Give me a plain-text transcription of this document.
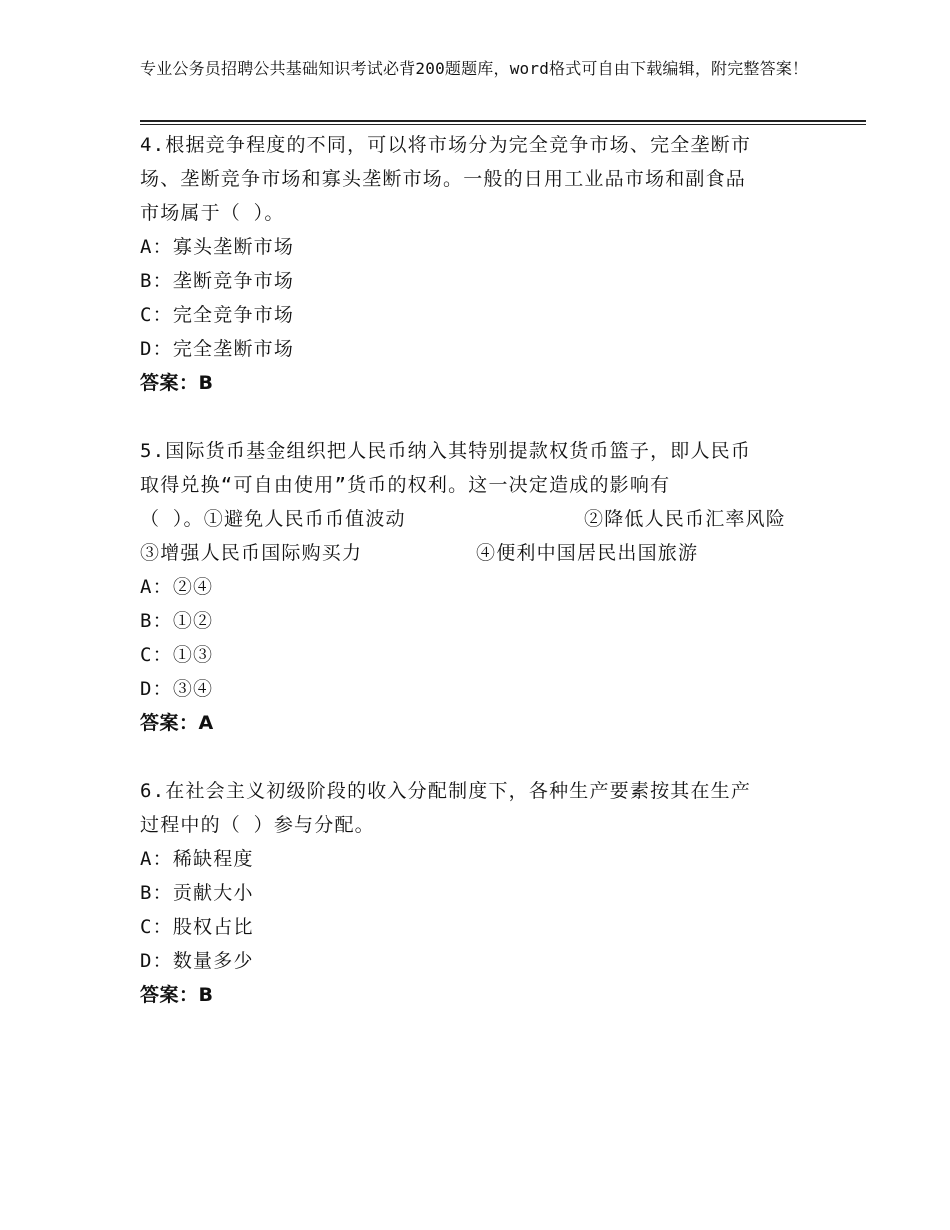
专业公务员招聘公共基础知识考试必背200题题库，word格式可自由下载编辑，附完整答案！
4.根据竞争程度的不同，可以将市场分为完全竞争市场、完全垄断市
场、垄断竞争市场和寡头垄断市场。一般的日用工业品市场和副食品
市场属于（ ）。
A：寡头垄断市场
B：垄断竞争市场
C：完全竞争市场
D：完全垄断市场
答案：B
5.国际货币基金组织把人民币纳入其特别提款权货币篮子，即人民币
取得兑换“可自由使用”货币的权利。这一决定造成的影响有
（ ）。①避免人民币币值波动	②降低人民币汇率风险
③增强人民币国际购买力	④便利中国居民出国旅游
A：②④
B：①②
C：①③
D：③④
答案：A
6.在社会主义初级阶段的收入分配制度下，各种生产要素按其在生产
过程中的（ ）参与分配。
A：稀缺程度
B：贡献大小
C：股权占比
D：数量多少
答案：B
